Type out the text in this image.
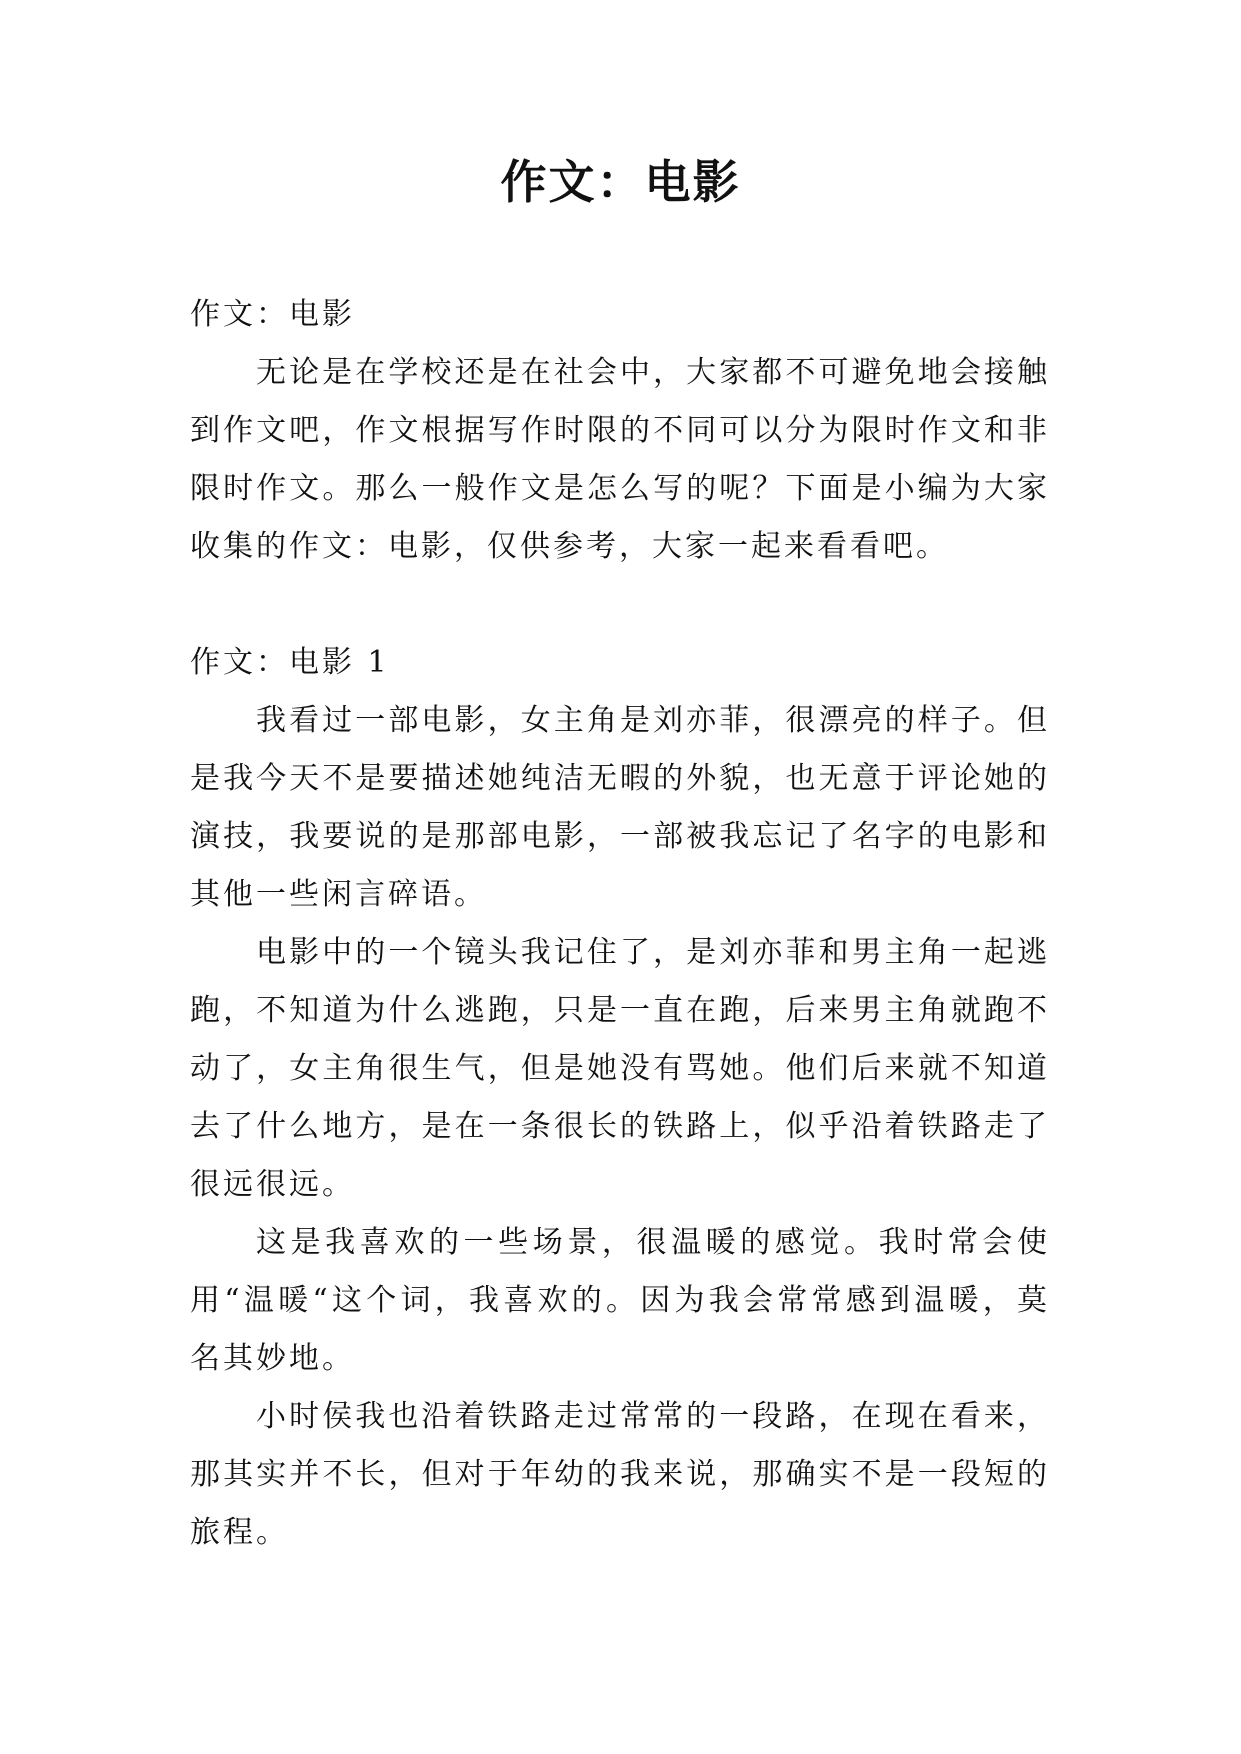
作文：电影

作文：电影

无论是在学校还是在社会中，大家都不可避免地会接触到作文吧，作文根据写作时限的不同可以分为限时作文和非限时作文。那么一般作文是怎么写的呢？下面是小编为大家收集的作文：电影，仅供参考，大家一起来看看吧。

作文：电影 1

我看过一部电影，女主角是刘亦菲，很漂亮的样子。但是我今天不是要描述她纯洁无暇的外貌，也无意于评论她的演技，我要说的是那部电影，一部被我忘记了名字的电影和其他一些闲言碎语。

电影中的一个镜头我记住了，是刘亦菲和男主角一起逃跑，不知道为什么逃跑，只是一直在跑，后来男主角就跑不动了，女主角很生气，但是她没有骂她。他们后来就不知道去了什么地方，是在一条很长的铁路上，似乎沿着铁路走了很远很远。

这是我喜欢的一些场景，很温暖的感觉。我时常会使用“温暖“这个词，我喜欢的。因为我会常常感到温暖，莫名其妙地。

小时侯我也沿着铁路走过常常的一段路，在现在看来，那其实并不长，但对于年幼的我来说，那确实不是一段短的旅程。
